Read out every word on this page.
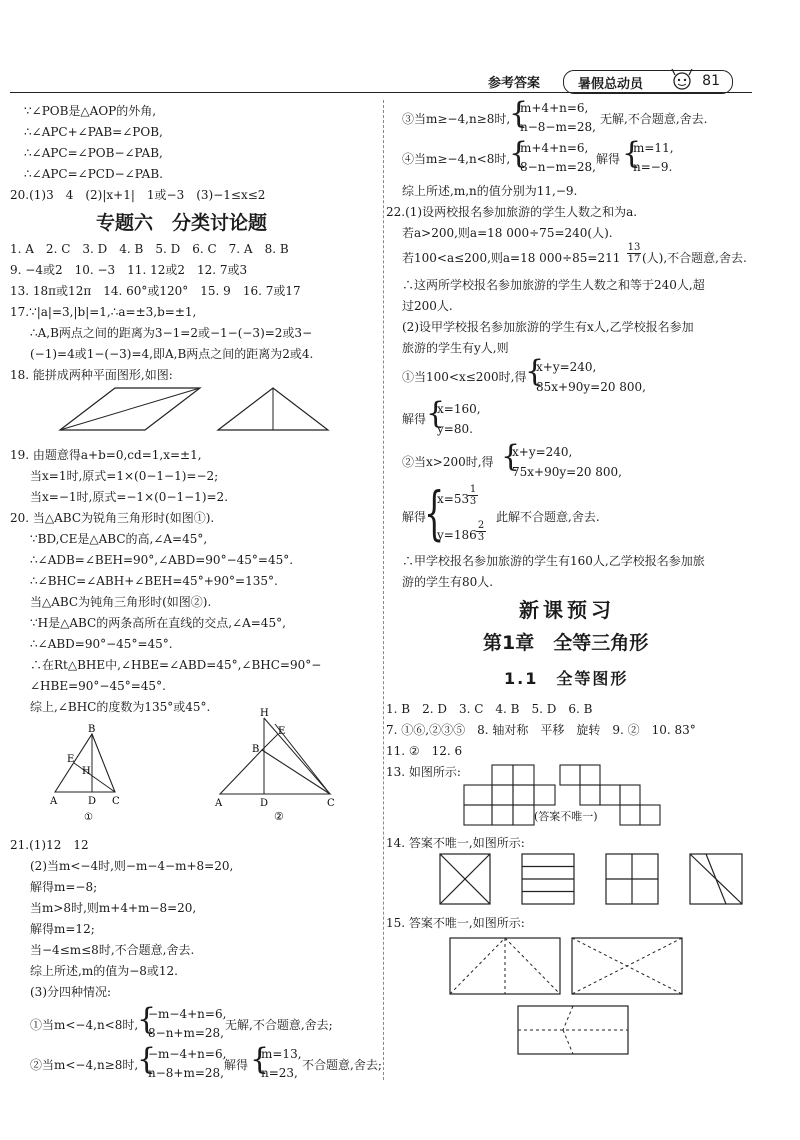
参考答案	暑假总动员	81
∵∠POB是△AOP的外角,
∴∠APC+∠PAB=∠POB,
∴∠APC=∠POB−∠PAB,
∴∠APC=∠PCD−∠PAB.
20.(1)3　4　(2)|x+1|　1或−3　(3)−1≤x≤2
专题六　分类讨论题
1. A　2. C　3. D　4. B　5. D　6. C　7. A　8. B
9. −4或2　10. −3　11. 12或2　12. 7或3
13. 18π或12π　14. 60°或120°　15. 9　16. 7或17
17.∵|a|=3,|b|=1,∴a=±3,b=±1,
∴A,B两点之间的距离为3−1=2或−1−(−3)=2或3−
(−1)=4或1−(−3)=4,即A,B两点之间的距离为2或4.
18. 能拼成两种平面图形,如图:
19. 由题意得a+b=0,cd=1,x=±1,
当x=1时,原式=1×(0−1−1)=−2;
当x=−1时,原式=−1×(0−1−1)=2.
20. 当△ABC为锐角三角形时(如图①).
∵BD,CE是△ABC的高,∠A=45°,
∴∠ADB=∠BEH=90°,∠ABD=90°−45°=45°.
∴∠BHC=∠ABH+∠BEH=45°+90°=135°.
当△ABC为钝角三角形时(如图②).
∵H是△ABC的两条高所在直线的交点,∠A=45°,
∴∠ABD=90°−45°=45°.
∴在Rt△BHE中,∠HBE=∠ABD=45°,∠BHC=90°−
∠HBE=90°−45°=45°.
综上,∠BHC的度数为135°或45°.
B
A	C
D
E
H
①
H
E
B
A	D	C
②
21.(1)12　12
(2)当m<−4时,则−m−4−m+8=20,
解得m=−8;
当m>8时,则m+4+m−8=20,
解得m=12;
当−4≤m≤8时,不合题意,舍去.
综上所述,m的值为−8或12.
(3)分四种情况:
①当m<−4,n<8时,
{
−m−4+n=6,
8−n+m=28,
无解,不合题意,舍去;
②当m<−4,n≥8时,
{
−m−4+n=6,
n−8+m=28,
解得 {
m=13,
n=23,
不合题意,舍去;
③当m≥−4,n≥8时,
{
m+4+n=6,
n−8−m=28,
无解,不合题意,舍去.
④当m≥−4,n<8时,
{
m+4+n=6,
8−n−m=28,
解得 {
m=11,
n=−9.
综上所述,m,n的值分别为11,−9.
22.(1)设两校报名参加旅游的学生人数之和为a.
若a>200,则a=18 000÷75=240(人).
若100<a≤200,则a=18 $000\div 85=211 \frac{13}{17}$ (人),不合题意,舍去.
∴这两所学校报名参加旅游的学生人数之和等于240人,超
过200人.
(2)设甲学校报名参加旅游的学生有x人,乙学校报名参加
旅游的学生有y人,则
①当100<x≤200时,得
{
x+y=240,
85x+90y=20 800,
解得 {
x=160,
y=80.
②当x>200时,得 {
x+y=240,
75x+90y=20 800,
解得
{
x=53
$\frac{1}{3}$
$y=186 \frac{2}{3}$
此解不合题意,舍去.
∴甲学校报名参加旅游的学生有160人,乙学校报名参加旅
游的学生有80人.
新课预习
第1章　全等三角形
1.1　全等图形
1. B　2. D　3. C　4. B　5. D　6. B
7. ①⑥,②③⑤　8. 轴对称　平移　旋转　9. ②　10. 83°
11. ②　12. 6
13. 如图所示:
(答案不唯一)
14. 答案不唯一,如图所示:
15. 答案不唯一,如图所示:
